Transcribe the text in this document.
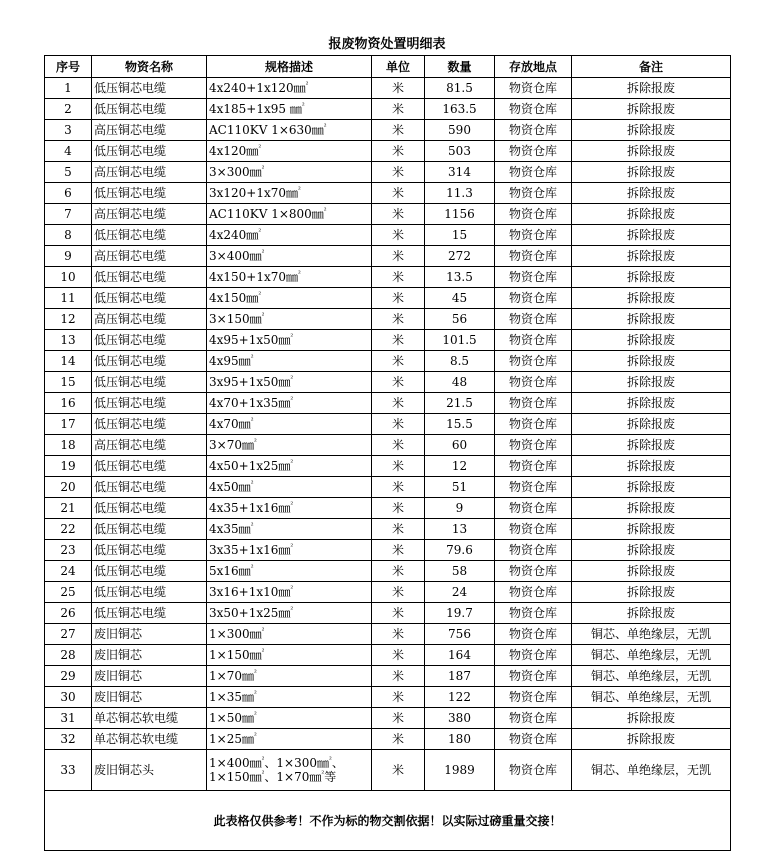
报废物资处置明细表
序号	物资名称	规格描述	单位	数量	存放地点	备注
1	低压铜芯电缆	4x240+1x120㎜$^{^2}$	米	81.5	物资仓库	拆除报废
2	低压铜芯电缆	4x185+1x95 ㎜$^{^2}$	米	163.5	物资仓库	拆除报废
3	高压铜芯电缆	AC110KV 1×630㎜$^{^2}$	米	590	物资仓库	拆除报废
4	低压铜芯电缆	4x120㎜$^{^2}$	米	503	物资仓库	拆除报废
5	高压铜芯电缆	3×300㎜$^{^2}$	米	314	物资仓库	拆除报废
6	低压铜芯电缆	3x120+1x70㎜$^{^2}$	米	11.3	物资仓库	拆除报废
7	高压铜芯电缆	AC110KV 1×800㎜$^{^2}$	米	1156	物资仓库	拆除报废
8	低压铜芯电缆	4x240㎜$^{^2}$	米	15	物资仓库	拆除报废
9	高压铜芯电缆	3×400㎜$^{^2}$	米	272	物资仓库	拆除报废
10	低压铜芯电缆	4x150+1x70㎜$^{^2}$	米	13.5	物资仓库	拆除报废
11	低压铜芯电缆	4x150㎜$^{^2}$	米	45	物资仓库	拆除报废
12	高压铜芯电缆	3×150㎜$^{^2}$	米	56	物资仓库	拆除报废
13	低压铜芯电缆	4x95+1x50㎜$^{^2}$	米	101.5	物资仓库	拆除报废
14	低压铜芯电缆	4x95㎜$^{^2}$	米	8.5	物资仓库	拆除报废
15	低压铜芯电缆	3x95+1x50㎜$^{^2}$	米	48	物资仓库	拆除报废
16	低压铜芯电缆	4x70+1x35㎜$^{^2}$	米	21.5	物资仓库	拆除报废
17	低压铜芯电缆	4x70㎜$^{^2}$	米	15.5	物资仓库	拆除报废
18	高压铜芯电缆	3×70㎜$^{^2}$	米	60	物资仓库	拆除报废
19	低压铜芯电缆	4x50+1x25㎜$^{^2}$	米	12	物资仓库	拆除报废
20	低压铜芯电缆	4x50㎜$^{^2}$	米	51	物资仓库	拆除报废
21	低压铜芯电缆	4x35+1x16㎜$^{^2}$	米	9	物资仓库	拆除报废
22	低压铜芯电缆	4x35㎜$^{^2}$	米	13	物资仓库	拆除报废
23	低压铜芯电缆	3x35+1x16㎜$^{^2}$	米	79.6	物资仓库	拆除报废
24	低压铜芯电缆	5x16㎜$^{^2}$	米	58	物资仓库	拆除报废
25	低压铜芯电缆	3x16+1x10㎜$^{^2}$	米	24	物资仓库	拆除报废
26	低压铜芯电缆	3x50+1x25㎜$^{^2}$	米	19.7	物资仓库	拆除报废
27	废旧铜芯	1×300㎜$^{^2}$	米	756	物资仓库	铜芯、单绝缘层，无凯
28	废旧铜芯	1×150㎜$^{^2}$	米	164	物资仓库	铜芯、单绝缘层，无凯
29	废旧铜芯	1×70㎜$^{^2}$	米	187	物资仓库	铜芯、单绝缘层，无凯
30	废旧铜芯	1×35㎜$^{^2}$	米	122	物资仓库	铜芯、单绝缘层，无凯
31	单芯铜芯软电缆	1×50㎜$^{^2}$	米	380	物资仓库	拆除报废
32	单芯铜芯软电缆	1×25㎜$^{^2}$	米	180	物资仓库	拆除报废
33	废旧铜芯头	1×400㎜$^{^2}$、1×300㎜$^{^2}$、
1×150㎜$^{^2}$、1×70㎜$^{^2}$等	米	1989	物资仓库	铜芯、单绝缘层，无凯
此表格仅供参考！不作为标的物交割依据！以实际过磅重量交接！						
